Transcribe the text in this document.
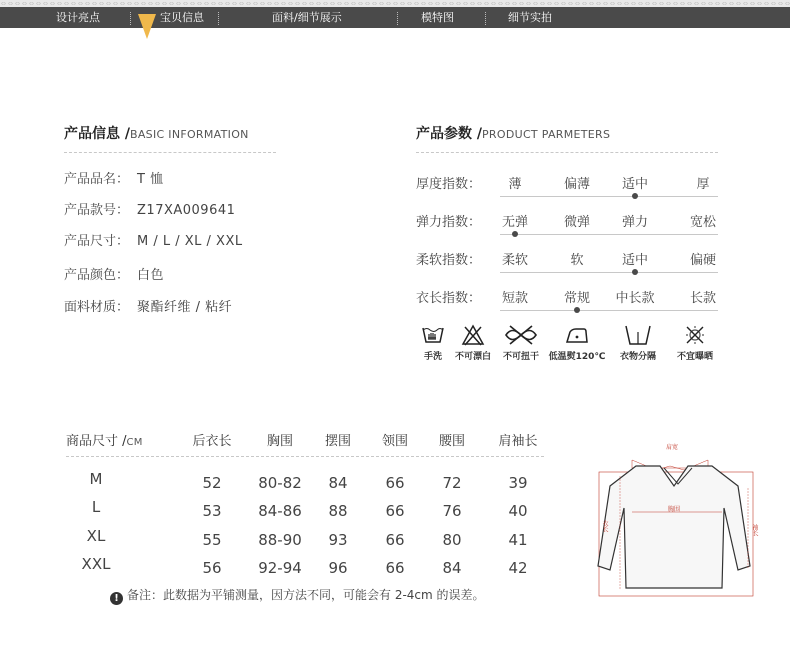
设计亮点	宝贝信息	面料/细节展示	模特图	细节实拍
产品信息 /BASIC INFORMATION
产品品名： T 恤
产品款号： Z17XA009641
产品尺寸： M / L / XL / XXL
产品颜色： 白色
面料材质： 聚酯纤维 / 粘纤
产品参数 /PRODUCT PARMETERS
厚度指数： 薄	偏薄 适中	厚
弹力指数： 无弹	微弹 弹力	宽松
柔软指数： 柔软	软	适中	偏硬
衣长指数： 短款	常规 中长款	长款
手洗	不可漂白	不可扭干	低温熨120℃	衣物分隔	不宜曝晒
商品尺寸 /CM	后衣长	胸围 摆围 领围 腰围	肩袖长
M	52 80-82 84	66	72	39
L	53 84-86 88	66	76	40
XL	55 88-90 93	66	80	41
XXL	56 92-94 96	66	84	42
! 备注：此数据为平铺测量，因方法不同，可能会有 2-4cm 的误差。
肩宽
胸围
衣长	袖长
